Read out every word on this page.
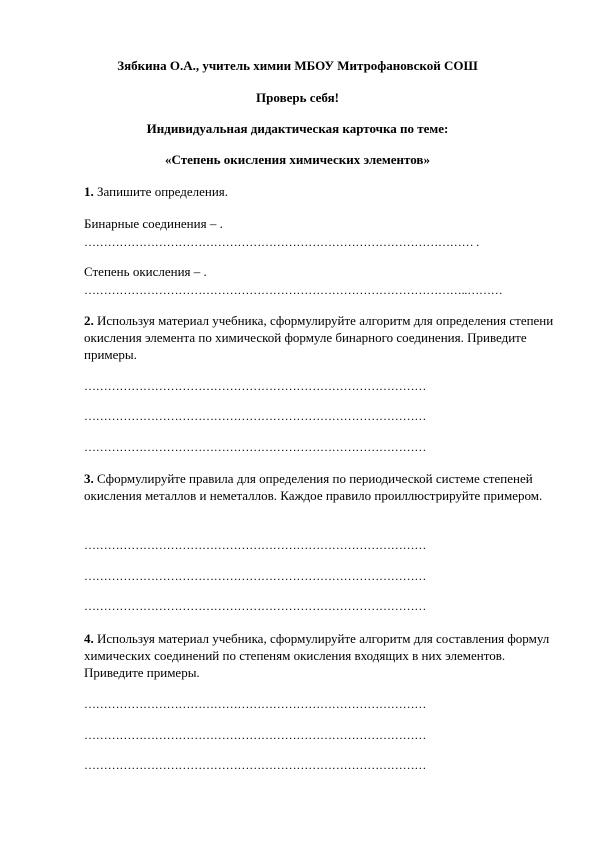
Зябкина О.А., учитель химии МБОУ Митрофановской СОШ
Проверь себя!
Индивидуальная дидактическая карточка по теме:
«Степень окисления химических элементов»
1. Запишите определения.
Бинарные соединения – .
……………………………………………………………………………………… .
Степень окисления – .
……………………………………………………………………………………..………
2. Используя материал учебника, сформулируйте алгоритм для определения степени окисления элемента по химической формуле бинарного соединения. Приведите примеры.
……………………………………………………………………………
……………………………………………………………………………
……………………………………………………………………………
3. Сформулируйте правила для определения по периодической системе степеней окисления металлов и неметаллов. Каждое правило проиллюстрируйте примером.
……………………………………………………………………………
……………………………………………………………………………
……………………………………………………………………………
4. Используя материал учебника, сформулируйте алгоритм для составления формул химических соединений по степеням окисления входящих в них элементов. Приведите примеры.
……………………………………………………………………………
……………………………………………………………………………
……………………………………………………………………………
